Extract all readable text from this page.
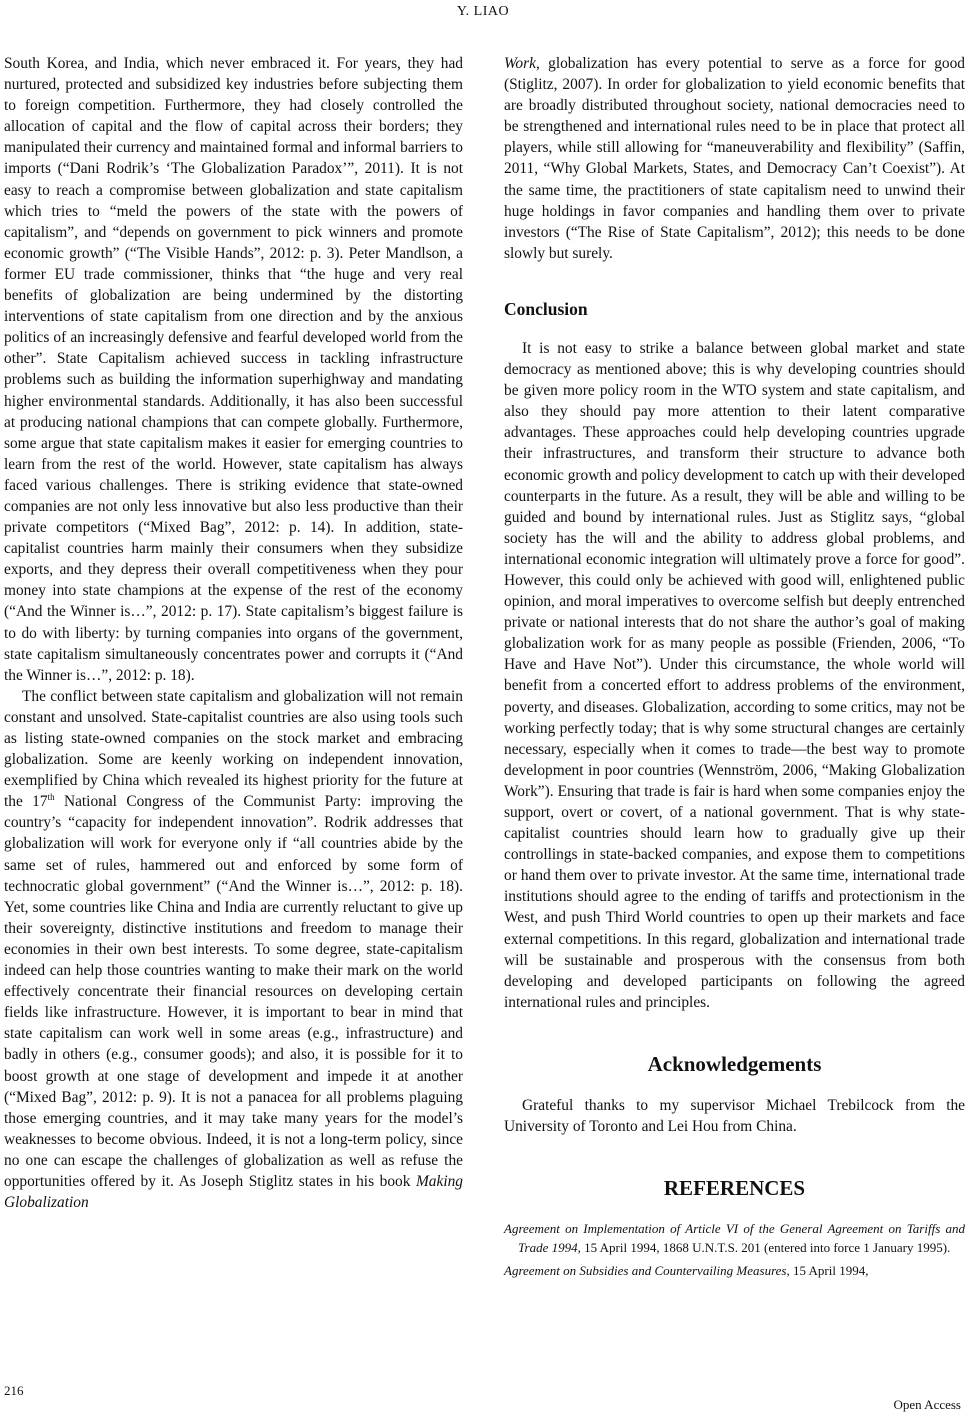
Y. LIAO

South Korea, and India, which never embraced it. For years, they had nurtured, protected and subsidized key industries before subjecting them to foreign competition. Furthermore, they had closely controlled the allocation of capital and the flow of capital across their borders; they manipulated their currency and maintained formal and informal barriers to imports (“Dani Rodrik’s ‘The Globalization Paradox’”, 2011). It is not easy to reach a compromise between globalization and state capitalism which tries to “meld the powers of the state with the powers of capitalism”, and “depends on government to pick winners and promote economic growth” (“The Visible Hands”, 2012: p. 3). Peter Mandlson, a former EU trade commissioner, thinks that “the huge and very real benefits of globalization are being undermined by the distorting interventions of state capitalism from one direction and by the anxious politics of an increasingly defensive and fearful developed world from the other”. State Capitalism achieved success in tackling infrastructure problems such as building the information superhighway and mandating higher environmental standards. Additionally, it has also been successful at producing national champions that can compete globally. Furthermore, some argue that state capitalism makes it easier for emerging countries to learn from the rest of the world. However, state capitalism has always faced various challenges. There is striking evidence that state-owned companies are not only less innovative but also less productive than their private competitors (“Mixed Bag”, 2012: p. 14). In addition, state-capitalist countries harm mainly their consumers when they subsidize exports, and they depress their overall competitiveness when they pour money into state champions at the expense of the rest of the economy (“And the Winner is…”, 2012: p. 17). State capitalism’s biggest failure is to do with liberty: by turning companies into organs of the government, state capitalism simultaneously concentrates power and corrupts it (“And the Winner is…”, 2012: p. 18).

The conflict between state capitalism and globalization will not remain constant and unsolved. State-capitalist countries are also using tools such as listing state-owned companies on the stock market and embracing globalization. Some are keenly working on independent innovation, exemplified by China which revealed its highest priority for the future at the 17th National Congress of the Communist Party: improving the country’s “capacity for independent innovation”. Rodrik addresses that globalization will work for everyone only if “all countries abide by the same set of rules, hammered out and enforced by some form of technocratic global government” (“And the Winner is…”, 2012: p. 18). Yet, some countries like China and India are currently reluctant to give up their sovereignty, distinctive institutions and freedom to manage their economies in their own best interests. To some degree, state-capitalism indeed can help those countries wanting to make their mark on the world effectively concentrate their financial resources on developing certain fields like infrastructure. However, it is important to bear in mind that state capitalism can work well in some areas (e.g., infrastructure) and badly in others (e.g., consumer goods); and also, it is possible for it to boost growth at one stage of development and impede it at another (“Mixed Bag”, 2012: p. 9). It is not a panacea for all problems plaguing those emerging countries, and it may take many years for the model’s weaknesses to become obvious. Indeed, it is not a long-term policy, since no one can escape the challenges of globalization as well as refuse the opportunities offered by it. As Joseph Stiglitz states in his book Making Globalization

Work, globalization has every potential to serve as a force for good (Stiglitz, 2007). In order for globalization to yield economic benefits that are broadly distributed throughout society, national democracies need to be strengthened and international rules need to be in place that protect all players, while still allowing for “maneuverability and flexibility” (Saffin, 2011, “Why Global Markets, States, and Democracy Can’t Coexist”). At the same time, the practitioners of state capitalism need to unwind their huge holdings in favor companies and handling them over to private investors (“The Rise of State Capitalism”, 2012); this needs to be done slowly but surely.

Conclusion

It is not easy to strike a balance between global market and state democracy as mentioned above; this is why developing countries should be given more policy room in the WTO system and state capitalism, and also they should pay more attention to their latent comparative advantages. These approaches could help developing countries upgrade their infrastructures, and transform their structure to advance both economic growth and policy development to catch up with their developed counterparts in the future. As a result, they will be able and willing to be guided and bound by international rules. Just as Stiglitz says, “global society has the will and the ability to address global problems, and international economic integration will ultimately prove a force for good”. However, this could only be achieved with good will, enlightened public opinion, and moral imperatives to overcome selfish but deeply entrenched private or national interests that do not share the author’s goal of making globalization work for as many people as possible (Frienden, 2006, “To Have and Have Not”). Under this circumstance, the whole world will benefit from a concerted effort to address problems of the environment, poverty, and diseases. Globalization, according to some critics, may not be working perfectly today; that is why some structural changes are certainly necessary, especially when it comes to trade—the best way to promote development in poor countries (Wennström, 2006, “Making Globalization Work”). Ensuring that trade is fair is hard when some companies enjoy the support, overt or covert, of a national government. That is why state-capitalist countries should learn how to gradually give up their controllings in state-backed companies, and expose them to competitions or hand them over to private investor. At the same time, international trade institutions should agree to the ending of tariffs and protectionism in the West, and push Third World countries to open up their markets and face external competitions. In this regard, globalization and international trade will be sustainable and prosperous with the consensus from both developing and developed participants on following the agreed international rules and principles.

Acknowledgements

Grateful thanks to my supervisor Michael Trebilcock from the University of Toronto and Lei Hou from China.

REFERENCES
Agreement on Implementation of Article VI of the General Agreement on Tariffs and Trade 1994, 15 April 1994, 1868 U.N.T.S. 201 (entered into force 1 January 1995).
Agreement on Subsidies and Countervailing Measures, 15 April 1994,
216
Open Access
